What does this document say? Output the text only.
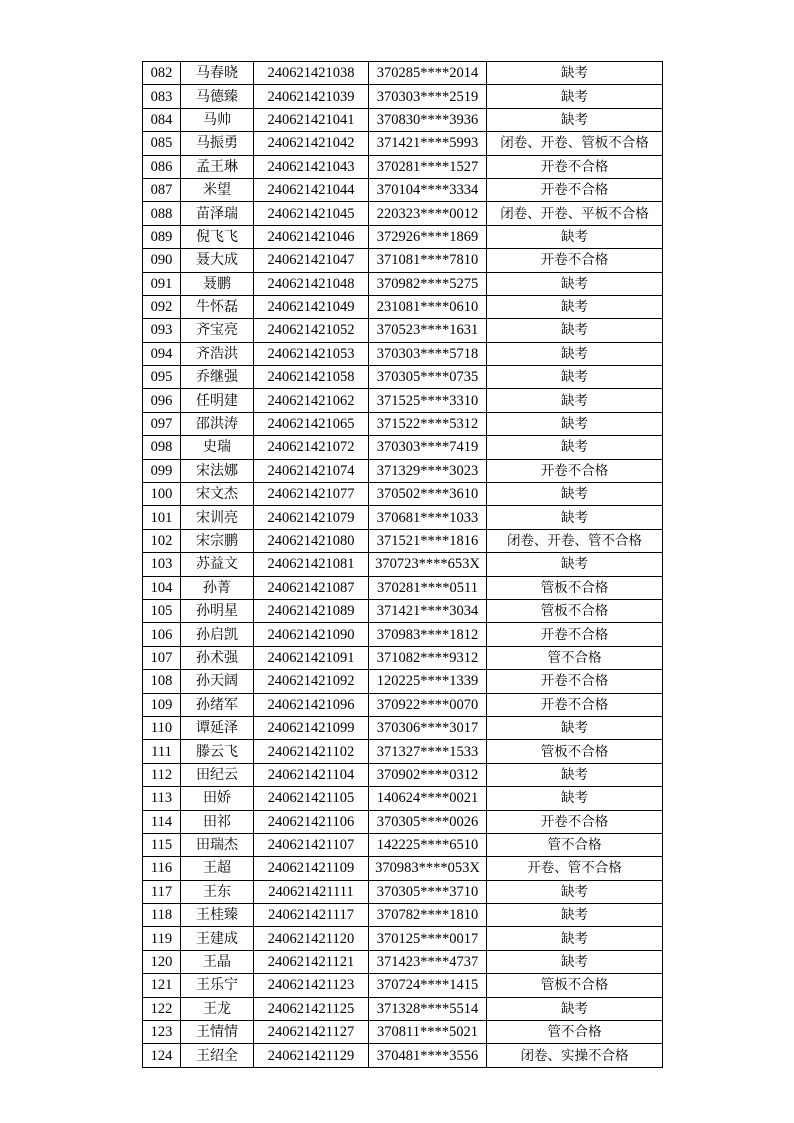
082	马春晓	240621421038	370285****2014	缺考
083	马德臻	240621421039	370303****2519	缺考
084	马帅	240621421041	370830****3936	缺考
085	马振勇	240621421042	371421****5993	闭卷、开卷、管板不合格
086	孟王琳	240621421043	370281****1527	开卷不合格
087	米望	240621421044	370104****3334	开卷不合格
088	苗泽瑞	240621421045	220323****0012	闭卷、开卷、平板不合格
089	倪飞飞	240621421046	372926****1869	缺考
090	聂大成	240621421047	371081****7810	开卷不合格
091	聂鹏	240621421048	370982****5275	缺考
092	牛怀磊	240621421049	231081****0610	缺考
093	齐宝亮	240621421052	370523****1631	缺考
094	齐浩洪	240621421053	370303****5718	缺考
095	乔继强	240621421058	370305****0735	缺考
096	任明建	240621421062	371525****3310	缺考
097	邵洪涛	240621421065	371522****5312	缺考
098	史瑞	240621421072	370303****7419	缺考
099	宋法娜	240621421074	371329****3023	开卷不合格
100	宋文杰	240621421077	370502****3610	缺考
101	宋训亮	240621421079	370681****1033	缺考
102	宋宗鹏	240621421080	371521****1816	闭卷、开卷、管不合格
103	苏益文	240621421081	370723****653X	缺考
104	孙菁	240621421087	370281****0511	管板不合格
105	孙明星	240621421089	371421****3034	管板不合格
106	孙启凯	240621421090	370983****1812	开卷不合格
107	孙术强	240621421091	371082****9312	管不合格
108	孙天阔	240621421092	120225****1339	开卷不合格
109	孙绪军	240621421096	370922****0070	开卷不合格
110	谭延泽	240621421099	370306****3017	缺考
111	滕云飞	240621421102	371327****1533	管板不合格
112	田纪云	240621421104	370902****0312	缺考
113	田娇	240621421105	140624****0021	缺考
114	田祁	240621421106	370305****0026	开卷不合格
115	田瑞杰	240621421107	142225****6510	管不合格
116	王超	240621421109	370983****053X	开卷、管不合格
117	王东	240621421111	370305****3710	缺考
118	王桂臻	240621421117	370782****1810	缺考
119	王建成	240621421120	370125****0017	缺考
120	王晶	240621421121	371423****4737	缺考
121	王乐宁	240621421123	370724****1415	管板不合格
122	王龙	240621421125	371328****5514	缺考
123	王情情	240621421127	370811****5021	管不合格
124	王绍全	240621421129	370481****3556	闭卷、实操不合格
